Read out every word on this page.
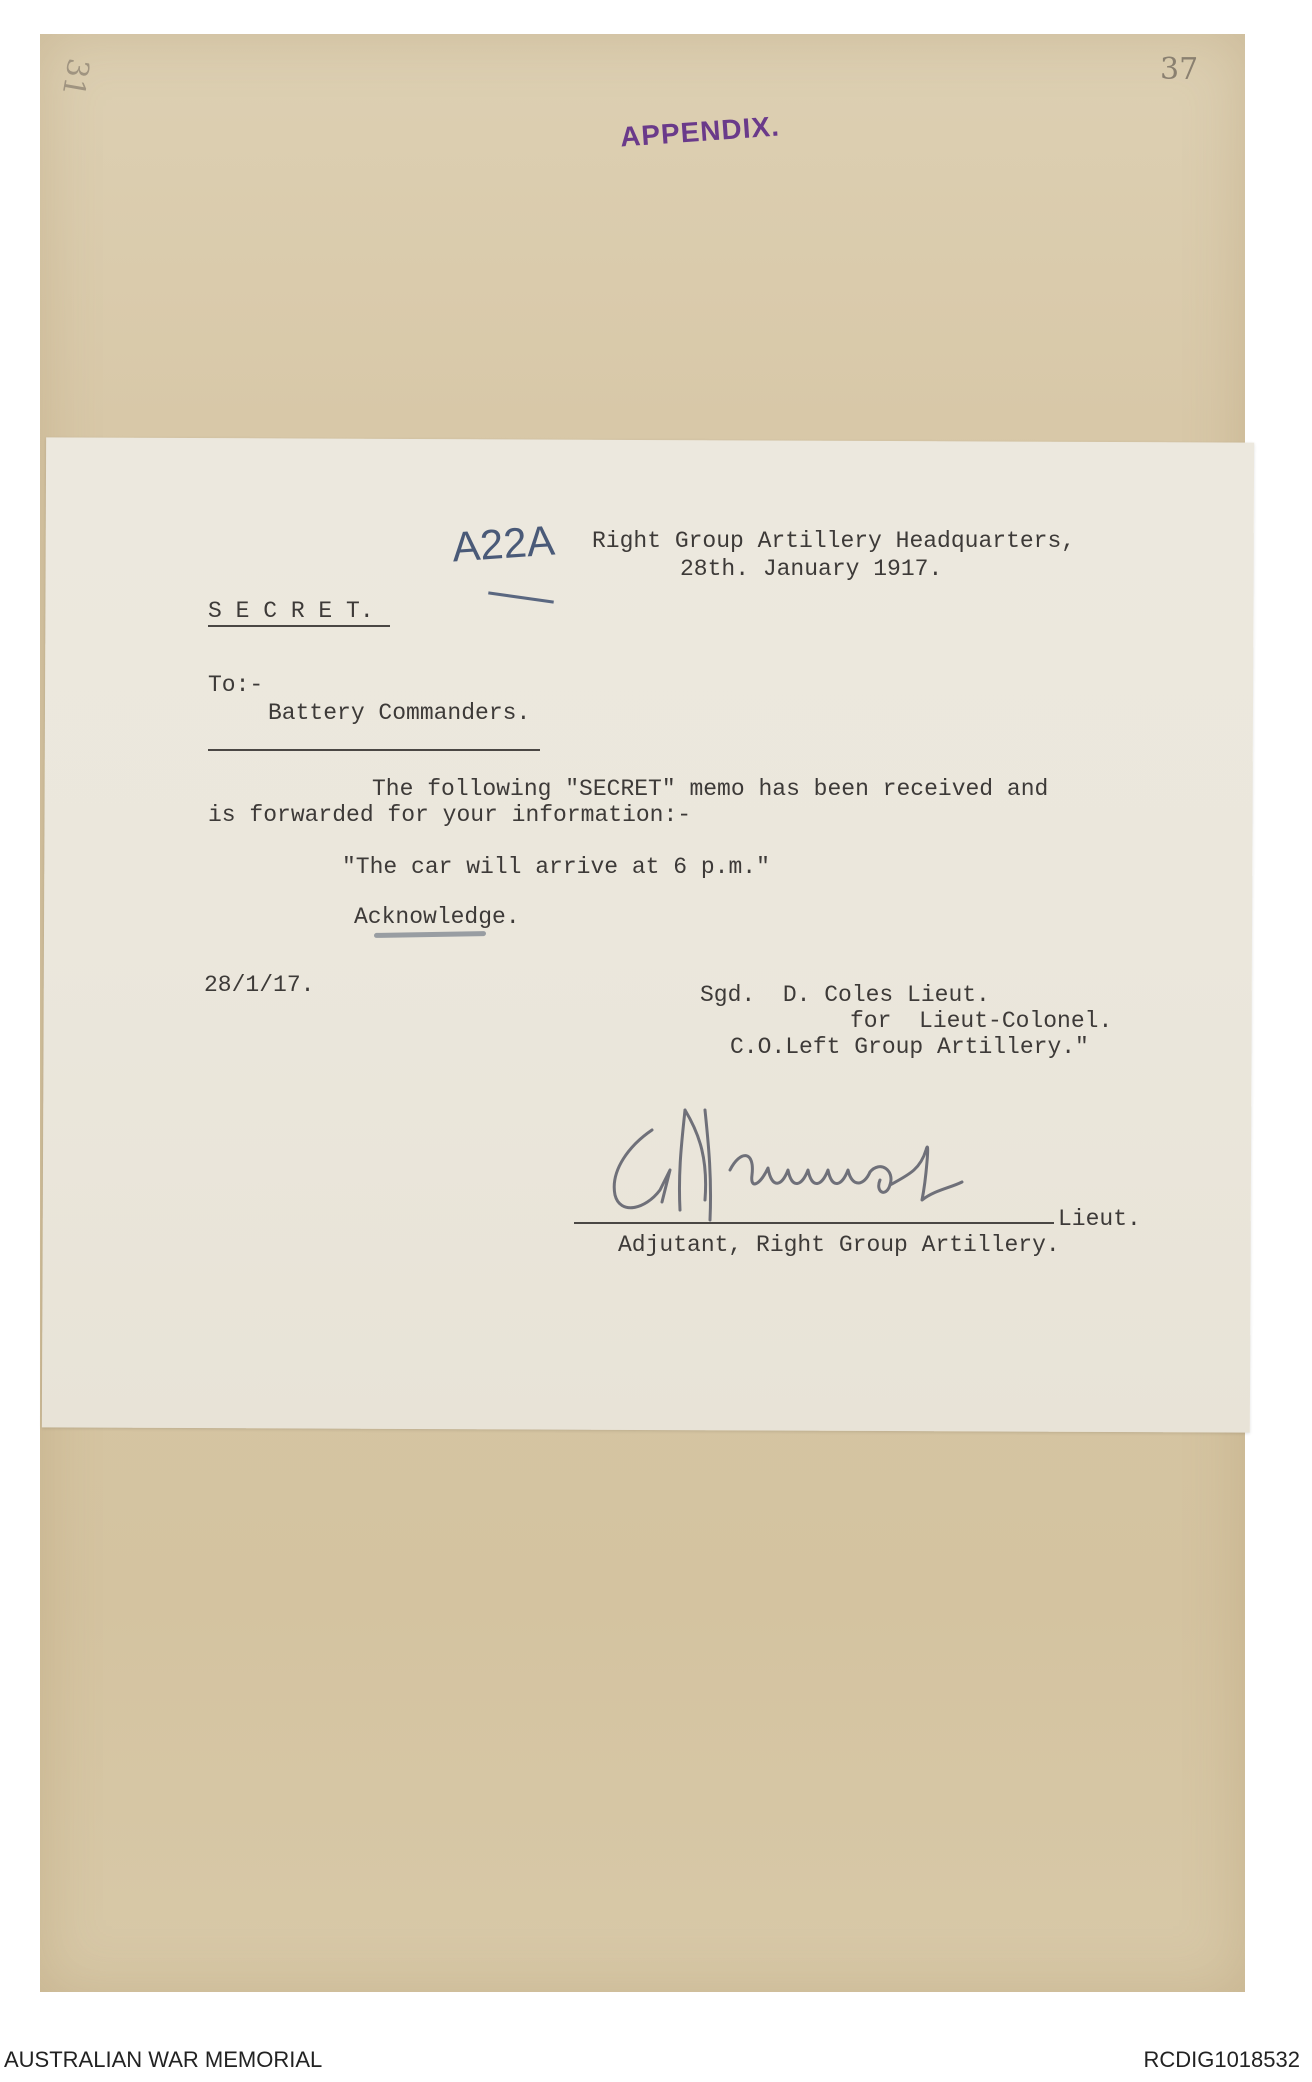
37
31
APPENDIX.
A22A Right Group Artillery Headquarters,
28th. January 1917.
S E C R E T.
To:-
Battery Commanders.
The following "SECRET" memo has been received and
is forwarded for your information:-
"The car will arrive at 6 p.m."
Acknowledge.
28/1/17.	Sgd.  D. Coles Lieut.
for  Lieut-Colonel.
C.O.Left Group Artillery."
Lieut.
Adjutant, Right Group Artillery.
AUSTRALIAN WAR MEMORIAL	RCDIG1018532
